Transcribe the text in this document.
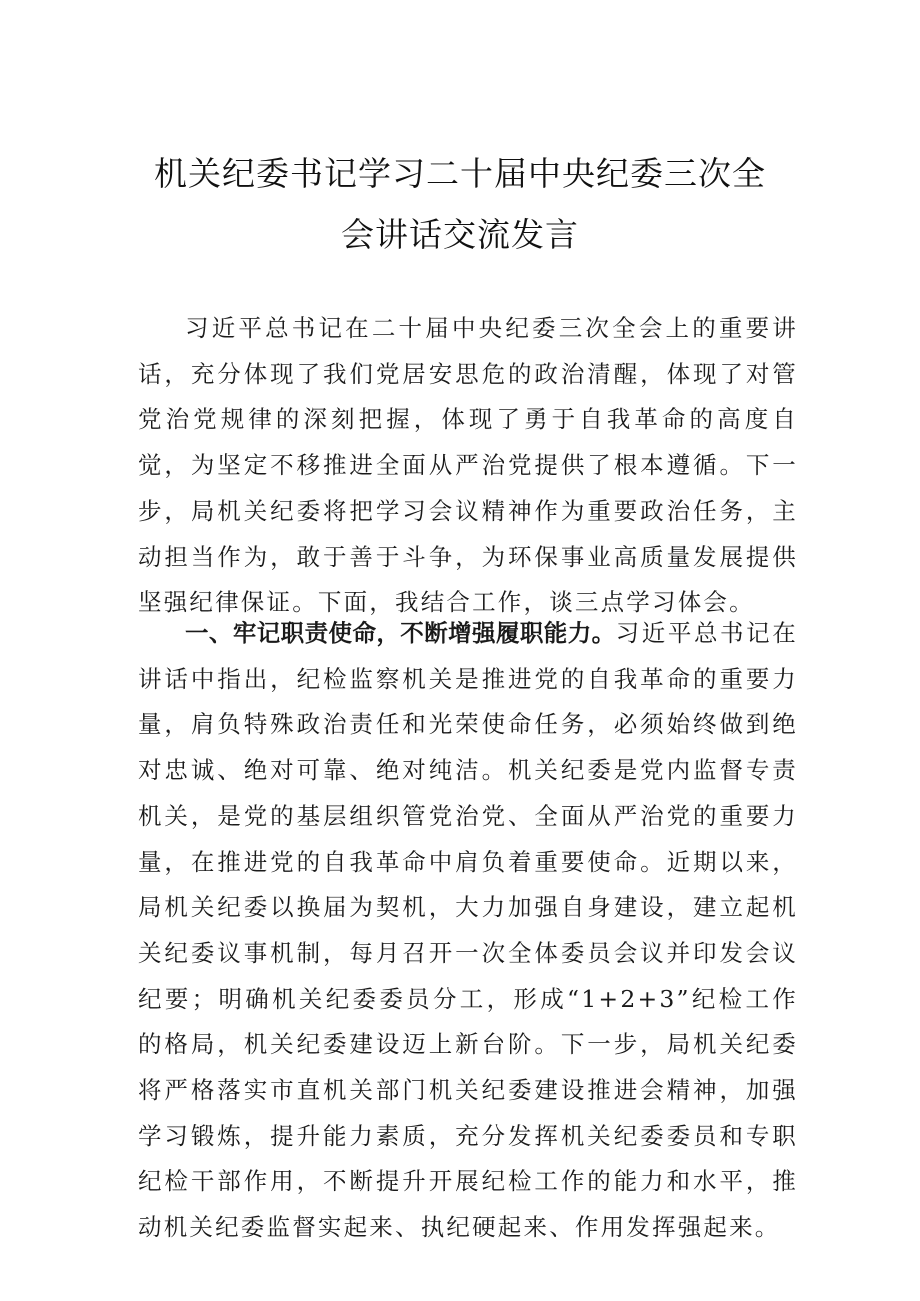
机关纪委书记学习二十届中央纪委三次全
会讲话交流发言

习近平总书记在二十届中央纪委三次全会上的重要讲话，充分体现了我们党居安思危的政治清醒，体现了对管党治党规律的深刻把握，体现了勇于自我革命的高度自觉，为坚定不移推进全面从严治党提供了根本遵循。下一步，局机关纪委将把学习会议精神作为重要政治任务，主动担当作为，敢于善于斗争，为环保事业高质量发展提供坚强纪律保证。下面，我结合工作，谈三点学习体会。

一、牢记职责使命，不断增强履职能力。习近平总书记在讲话中指出，纪检监察机关是推进党的自我革命的重要力量，肩负特殊政治责任和光荣使命任务，必须始终做到绝对忠诚、绝对可靠、绝对纯洁。机关纪委是党内监督专责机关，是党的基层组织管党治党、全面从严治党的重要力量，在推进党的自我革命中肩负着重要使命。近期以来，局机关纪委以换届为契机，大力加强自身建设，建立起机关纪委议事机制，每月召开一次全体委员会议并印发会议纪要；明确机关纪委委员分工，形成“1+2+3”纪检工作的格局，机关纪委建设迈上新台阶。下一步，局机关纪委将严格落实市直机关部门机关纪委建设推进会精神，加强学习锻炼，提升能力素质，充分发挥机关纪委委员和专职纪检干部作用，不断提升开展纪检工作的能力和水平，推动机关纪委监督实起来、执纪硬起来、作用发挥强起来。
